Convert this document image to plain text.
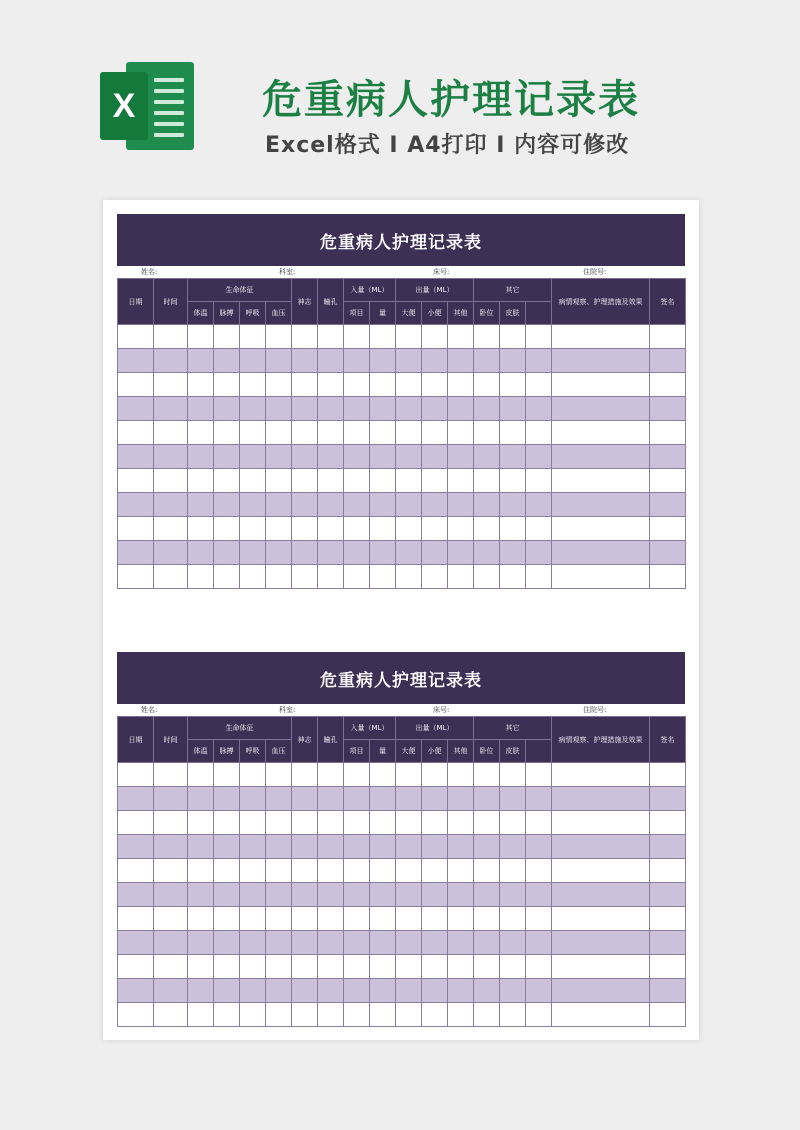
X	危重病人护理记录表
Excel格式 I A4打印 I 内容可修改
危重病人护理记录表
姓名:	科室:	床号:	住院号:
日期	时间	生命体征				神志	瞳孔	入量（ML）		出量（ML）			其它			病情观察、护理措施及效果	签名
		体温	脉搏	呼吸	血压			项目	量	大便	小便	其他	卧位	皮肤			

危重病人护理记录表
姓名:	科室:	床号:	住院号:
日期	时间	生命体征				神志	瞳孔	入量（ML）		出量（ML）			其它			病情观察、护理措施及效果	签名
		体温	脉搏	呼吸	血压			项目	量	大便	小便	其他	卧位	皮肤			
